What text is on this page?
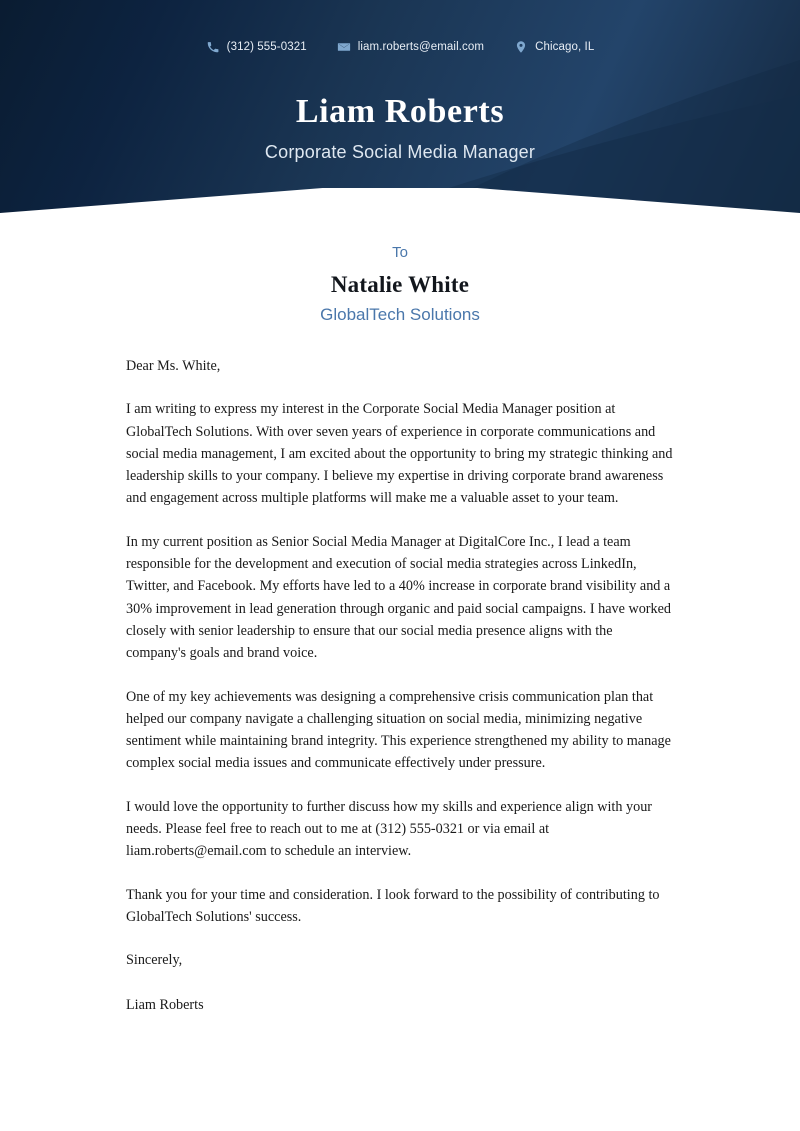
(312) 555-0321	liam.roberts@email.com	Chicago, IL
Liam Roberts
Corporate Social Media Manager
To
Natalie White
GlobalTech Solutions

Dear Ms. White,

I am writing to express my interest in the Corporate Social Media Manager position at GlobalTech Solutions. With over seven years of experience in corporate communications and social media management, I am excited about the opportunity to bring my strategic thinking and leadership skills to your company. I believe my expertise in driving corporate brand awareness and engagement across multiple platforms will make me a valuable asset to your team.

In my current position as Senior Social Media Manager at DigitalCore Inc., I lead a team responsible for the development and execution of social media strategies across LinkedIn, Twitter, and Facebook. My efforts have led to a 40% increase in corporate brand visibility and a 30% improvement in lead generation through organic and paid social campaigns. I have worked closely with senior leadership to ensure that our social media presence aligns with the company's goals and brand voice.

One of my key achievements was designing a comprehensive crisis communication plan that helped our company navigate a challenging situation on social media, minimizing negative sentiment while maintaining brand integrity. This experience strengthened my ability to manage complex social media issues and communicate effectively under pressure.

I would love the opportunity to further discuss how my skills and experience align with your needs. Please feel free to reach out to me at (312) 555-0321 or via email at liam.roberts@email.com to schedule an interview.

Thank you for your time and consideration. I look forward to the possibility of contributing to GlobalTech Solutions' success.

Sincerely,

Liam Roberts
